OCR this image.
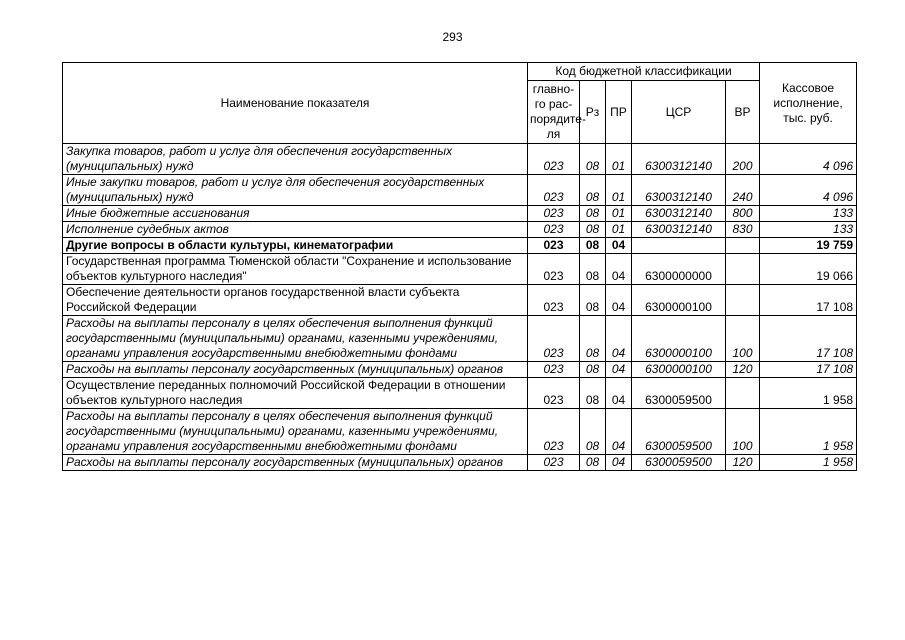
293
Наименование показателя	Код бюджетной классификации					Кассовое исполнение, тыс. руб.
	главно-го рас-порядите-ля	Рз	ПР	ЦСР	ВР	
Закупка товаров, работ и услуг для обеспечения государственных (муниципальных) нужд	023	08	01	6300312140	200	4 096
Иные закупки товаров, работ и услуг для обеспечения государственных (муниципальных) нужд	023	08	01	6300312140	240	4 096
Иные бюджетные ассигнования	023	08	01	6300312140	800	133
Исполнение судебных актов	023	08	01	6300312140	830	133
Другие вопросы в области культуры, кинематографии	023	08	04			19 759
Государственная программа Тюменской области "Сохранение и использование объектов культурного наследия"	023	08	04	6300000000		19 066
Обеспечение деятельности органов государственной власти субъекта Российской Федерации	023	08	04	6300000100		17 108
Расходы на выплаты персоналу в целях обеспечения выполнения функций государственными (муниципальными) органами, казенными учреждениями, органами управления государственными внебюджетными фондами	023	08	04	6300000100	100	17 108
Расходы на выплаты персоналу государственных (муниципальных) органов	023	08	04	6300000100	120	17 108
Осуществление переданных полномочий Российской Федерации в отношении объектов культурного наследия	023	08	04	6300059500		1 958
Расходы на выплаты персоналу в целях обеспечения выполнения функций государственными (муниципальными) органами, казенными учреждениями, органами управления государственными внебюджетными фондами	023	08	04	6300059500	100	1 958
Расходы на выплаты персоналу государственных (муниципальных) органов	023	08	04	6300059500	120	1 958
